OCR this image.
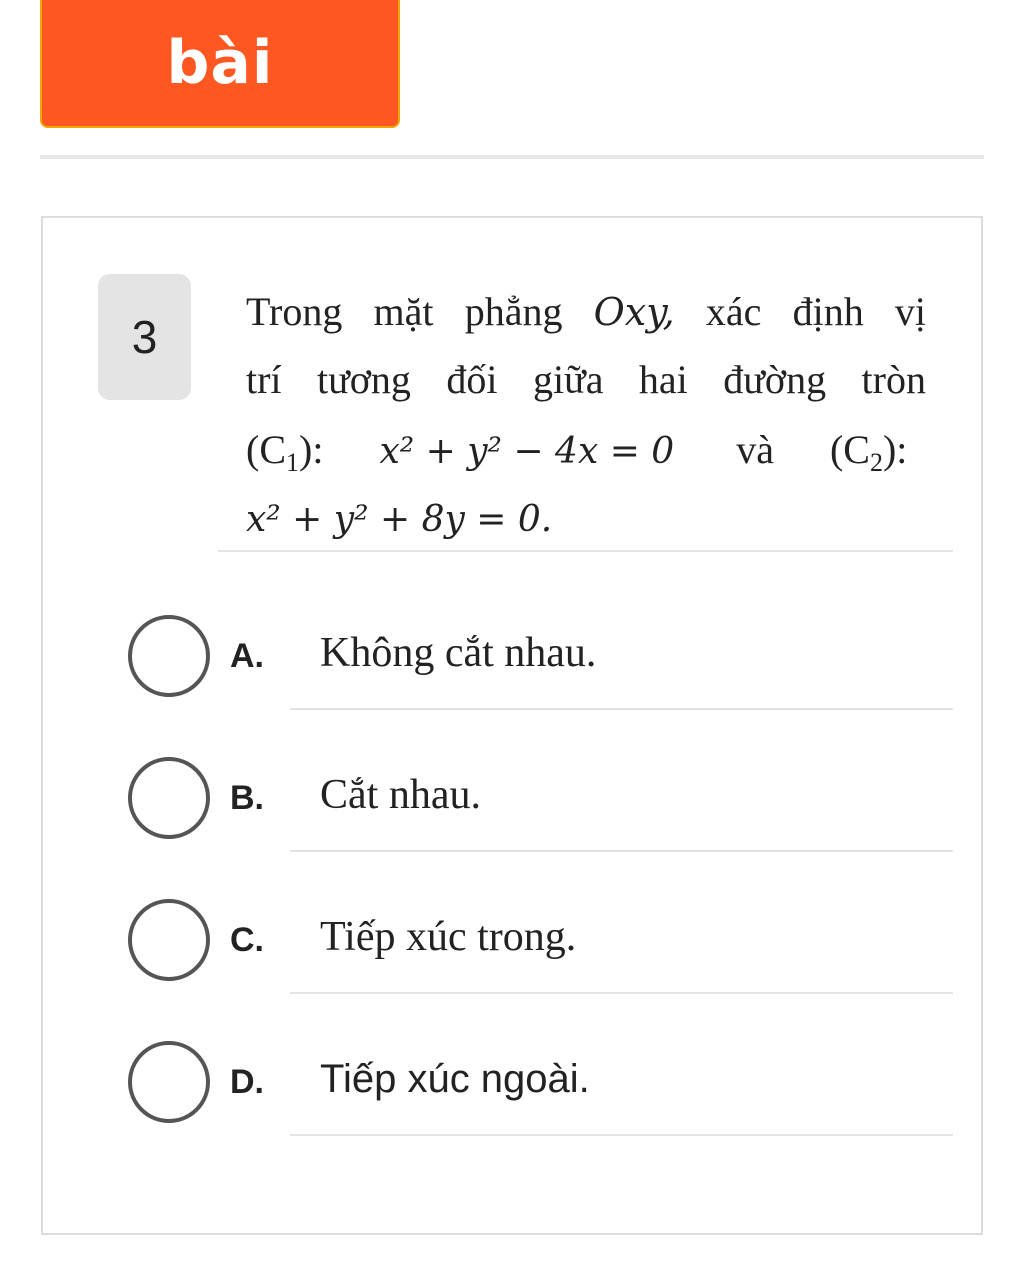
bài
3	Trong mặt phẳng Oxy, xác định vị
trí tương đối giữa hai đường tròn
$(C_1)$: x² + y² − 4x = 0 và $(C_2)$:
x² + y² + 8y = 0.
A. Không cắt nhau.
B. Cắt nhau.
C. Tiếp xúc trong.
D. Tiếp xúc ngoài.
